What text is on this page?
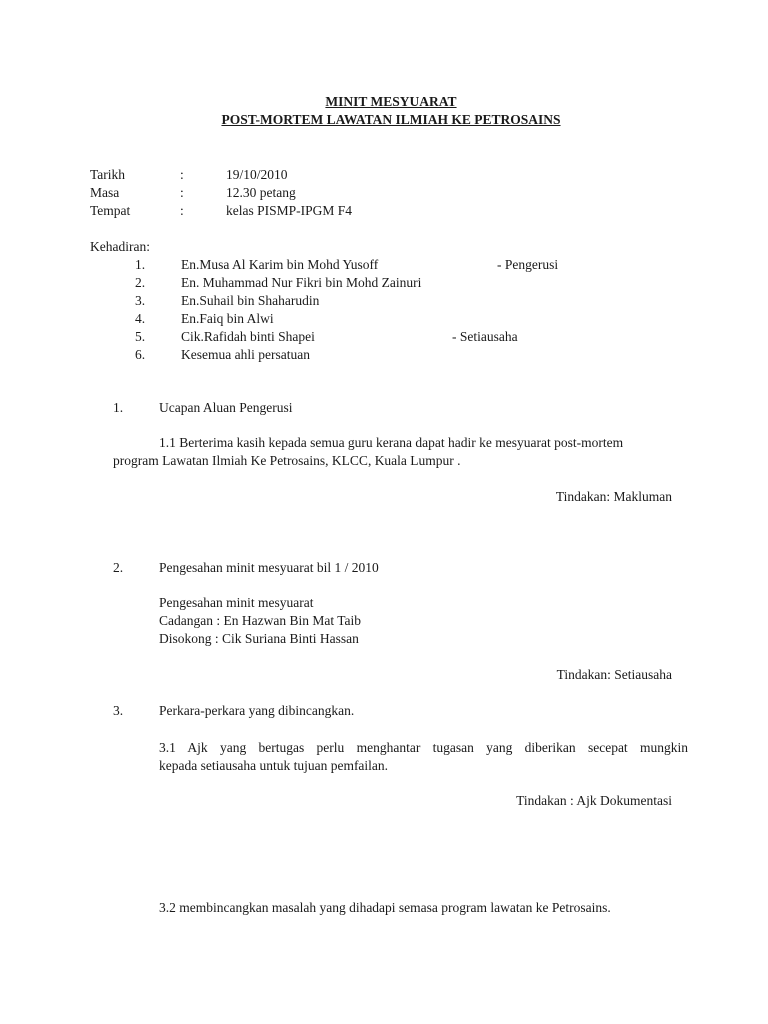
MINIT MESYUARAT
POST-MORTEM LAWATAN ILMIAH KE PETROSAINS
Tarikh	:	19/10/2010
Masa	:	12.30 petang
Tempat	:	kelas PISMP-IPGM F4
Kehadiran:
1.	En.Musa Al Karim bin Mohd Yusoff	- Pengerusi
2.	En. Muhammad Nur Fikri bin Mohd Zainuri
3.	En.Suhail bin Shaharudin
4.	En.Faiq bin Alwi
5.	Cik.Rafidah binti Shapei	- Setiausaha
6.	Kesemua ahli persatuan
1.	Ucapan Aluan Pengerusi
1.1 Berterima kasih kepada semua guru kerana dapat hadir ke mesyuarat post-mortem
program Lawatan Ilmiah Ke Petrosains, KLCC, Kuala Lumpur .
Tindakan: Makluman
2.	Pengesahan minit mesyuarat bil 1 / 2010
Pengesahan minit mesyuarat
Cadangan : En Hazwan Bin Mat Taib
Disokong : Cik Suriana Binti Hassan
Tindakan: Setiausaha
3.	Perkara-perkara yang dibincangkan.
3.1 Ajk yang bertugas perlu menghantar tugasan yang diberikan secepat mungkin
kepada setiausaha untuk tujuan pemfailan.
Tindakan : Ajk Dokumentasi
3.2 membincangkan masalah yang dihadapi semasa program lawatan ke Petrosains.
